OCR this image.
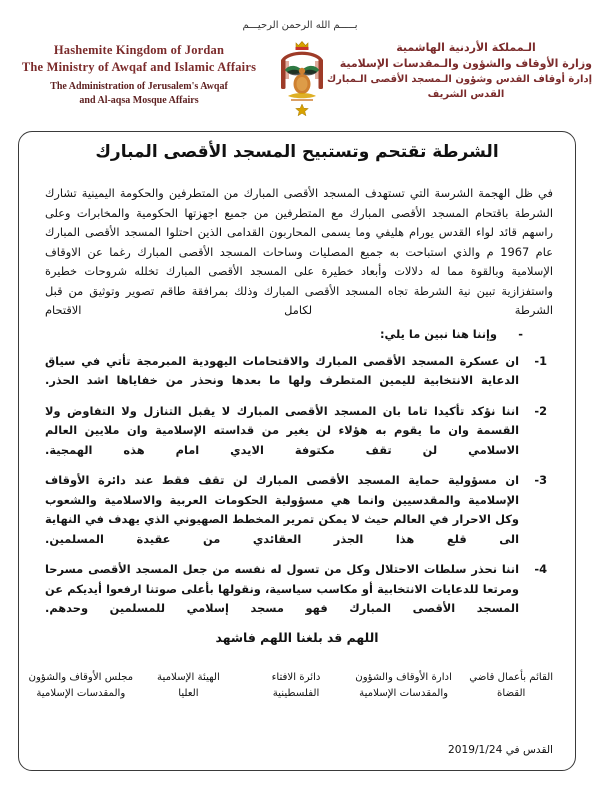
بـــــم الله الرحمن الرحيـــم
Hashemite Kingdom of Jordan
The Ministry of Awqaf and Islamic Affairs
The Administration of Jerusalem's Awqaf
and Al-aqsa Mosque Affairs
الـمملكة الأردنية الهاشمية
وزارة الأوقاف والشؤون والـمقدسات الإسلامية
إدارة أوقاف القدس وشؤون الـمسجد الأقصى الـمبارك
القدس الشريف
الشرطة تقتحم وتستبيح المسجد الأقصى المبارك

في ظل الهجمة الشرسة التي تستهدف المسجد الأقصى المبارك من المتطرفين والحكومة اليمينية تشارك الشرطة باقتحام المسجد الأقصى المبارك مع المتطرفين من جميع اجهزتها الحكومية والمخابرات وعلى راسهم قائد لواء القدس يورام هليفي وما يسمى المحاربون القدامى الذين احتلوا المسجد الأقصى المبارك عام 1967 م والذي استباحت به جميع المصليات وساحات المسجد الأقصى المبارك رغما عن الاوقاف الإسلامية وبالقوة مما له دلالات وأبعاد خطيرة على المسجد الأقصى المبارك تخلله شروحات خطيرة واستفزازية تبين نية الشرطة تجاه المسجد الأقصى المبارك وذلك بمرافقة طاقم تصوير وتوثيق من قبل الشرطة لكامل الاقتحام

-وإننا هنا نبين ما يلي:
1-
ان عسكرة المسجد الأقصى المبارك والاقتحامات اليهودية المبرمجة تأتي في سياق الدعاية الانتخابية لليمين المتطرف ولها ما بعدها ونحذر من خفاياها اشد الحذر.
2-
اننا نؤكد تأكيدا تاما بان المسجد الأقصى المبارك لا يقبل التنازل ولا التفاوض ولا القسمة وان ما يقوم به هؤلاء لن يغير من قداسته الإسلامية وان ملايين العالم الاسلامي لن تقف مكتوفة الايدي امام هذه الهمجية.
3-
ان مسؤولية حماية المسجد الأقصى المبارك لن تقف فقط عند دائرة الأوقاف الإسلامية والمقدسيين وانما هي مسؤولية الحكومات العربية والاسلامية والشعوب وكل الاحرار في العالم حيث لا يمكن تمرير المخطط الصهيوني الذي يهدف في النهاية الى قلع هذا الجذر العقائدي من عقيدة المسلمين.
4-
اننا نحذر سلطات الاحتلال وكل من تسول له نفسه من جعل المسجد الأقصى مسرحا ومرتعا للدعايات الانتخابية أو مكاسب سياسية، ونقولها بأعلى صوتنا ارفعوا أيديكم عن المسجد الأقصى المبارك فهو مسجد إسلامي للمسلمين وحدهم.
اللهم قد بلغنا اللهم فاشهد
مجلس الأوقاف والشؤون
والمقدسات الإسلامية
الهيئة الإسلامية
العليا
دائرة الافتاء
الفلسطينية
ادارة الأوقاف والشؤون
والمقدسات الإسلامية
القائم بأعمال قاضي
القضاة
القدس في 2019/1/24
